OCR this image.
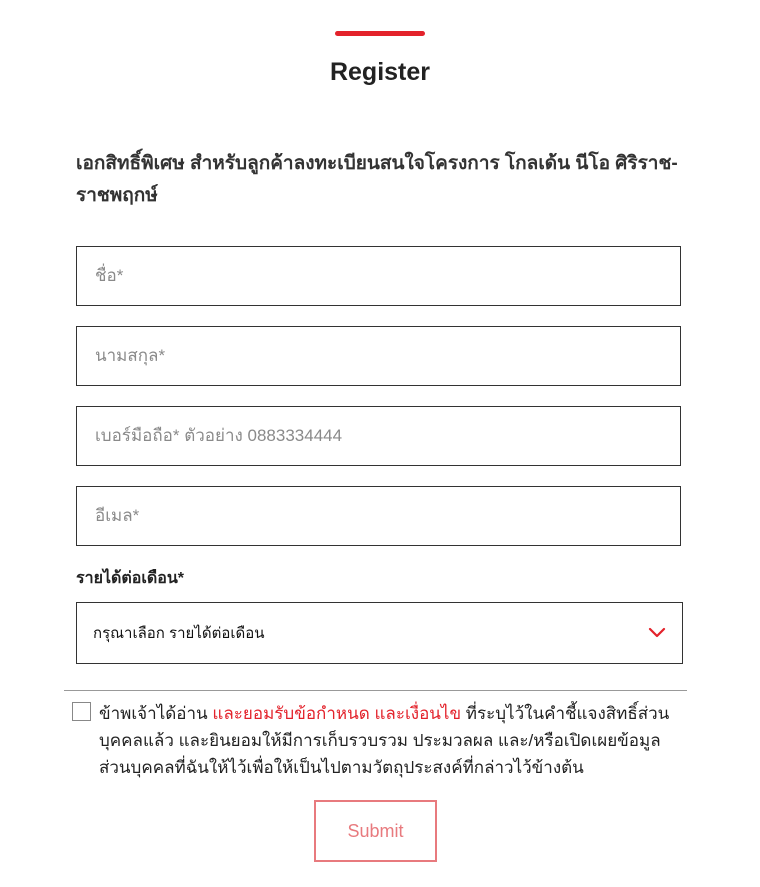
Register

เอกสิทธิ์พิเศษ สำหรับลูกค้าลงทะเบียนสนใจโครงการ โกลเด้น นีโอ ศิริราช-ราชพฤกษ์

ชื่อ*
นามสกุล*
เบอร์มือถือ* ตัวอย่าง 0883334444
อีเมล*
รายได้ต่อเดือน*
กรุณาเลือก รายได้ต่อเดือน

ข้าพเจ้าได้อ่าน และยอมรับข้อกำหนด และเงื่อนไข ที่ระบุไว้ในคำชี้แจงสิทธิ์ส่วนบุคคลแล้ว และยินยอมให้มีการเก็บรวบรวม ประมวลผล และ/หรือเปิดเผยข้อมูลส่วนบุคคลที่ฉันให้ไว้เพื่อให้เป็นไปตามวัตถุประสงค์ที่กล่าวไว้ข้างต้น

Submit
